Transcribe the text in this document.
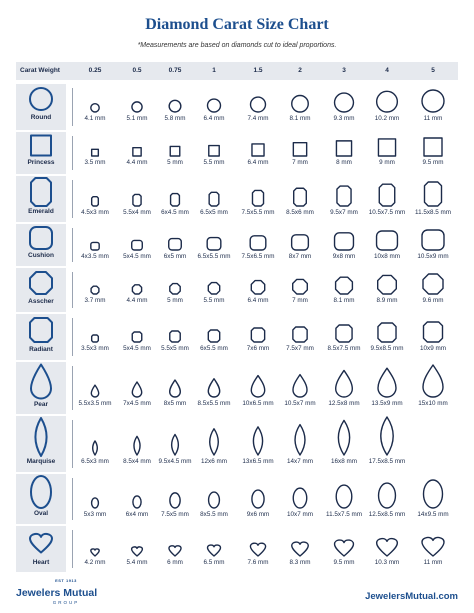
Diamond Carat Size Chart
*Measurements are based on diamonds cut to ideal proportions.
Carat Weight	0.25	0.5	0.75	1	1.5	2	3	4	5
Round	4.1 mm	5.1 mm	5.8 mm	6.4 mm	7.4 mm	8.1 mm	9.3 mm	10.2 mm	11 mm
Princess	3.5 mm	4.4 mm	5 mm	5.5 mm	6.4 mm	7 mm	8 mm	9 mm	9.5 mm
Emerald	4.5x3 mm	5.5x4 mm	6x4.5 mm	6.5x5 mm	7.5x5.5 mm	8.5x6 mm	9.5x7 mm	10.5x7.5 mm	11.5x8.5 mm
Cushion	4x3.5 mm	5x4.5 mm	6x5 mm	6.5x5.5 mm	7.5x6.5 mm	8x7 mm	9x8 mm	10x8 mm	10.5x9 mm
Asscher	3.7 mm	4.4 mm	5 mm	5.5 mm	6.4 mm	7 mm	8.1 mm	8.9 mm	9.6 mm
Radiant	3.5x3 mm	5x4.5 mm	5.5x5 mm	6x5.5 mm	7x6 mm	7.5x7 mm	8.5x7.5 mm	9.5x8.5 mm	10x9 mm
Pear	5.5x3.5 mm	7x4.5 mm	8x5 mm	8.5x5.5 mm	10x6.5 mm	10.5x7 mm	12.5x8 mm	13.5x9 mm	15x10 mm
Marquise	6.5x3 mm	8.5x4 mm	9.5x4.5 mm	12x6 mm	13x6.5 mm	14x7 mm	16x8 mm	17.5x8.5 mm
Oval	5x3 mm	6x4 mm	7.5x5 mm	8x5.5 mm	9x6 mm	10x7 mm	11.5x7.5 mm	12.5x8.5 mm	14x9.5 mm
Heart	4.2 mm	5.4 mm	6 mm	6.5 mm	7.6 mm	8.3 mm	9.5 mm	10.3 mm	11 mm
EST 1913
Jewelers Mutual
GROUP
JewelersMutual.com
